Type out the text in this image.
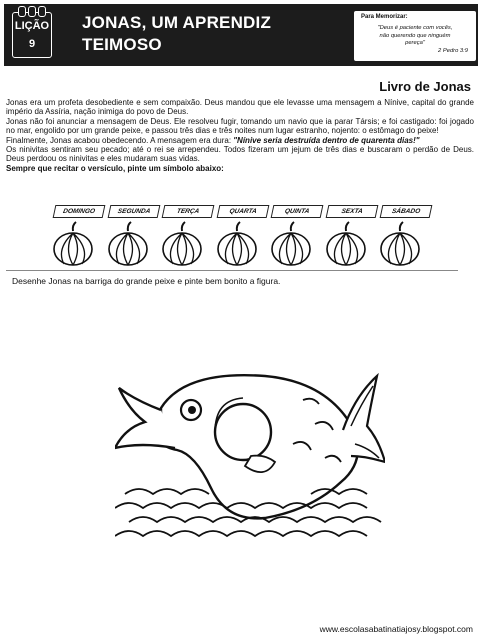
LIÇÃO
9
JONAS, UM APRENDIZ
TEIMOSO
Para Memorizar:
"Deus é paciente com vocês,
não querendo que ninguém
pereça"
2 Pedro 3:9
Livro de Jonas

Jonas era um profeta desobediente e sem compaixão. Deus mandou que ele levasse uma mensagem a Nínive, capital do grande império da Assíria, nação inimiga do povo de Deus.

Jonas não foi anunciar a mensagem de Deus. Ele resolveu fugir, tomando um navio que ia parar Társis; e foi castigado: foi jogado no mar, engolido por um grande peixe, e passou três dias e três noites num lugar estranho, nojento: o estômago do peixe!

Finalmente, Jonas acabou obedecendo. A mensagem era dura: "Nínive seria destruída dentro de quarenta dias!"

Os ninivitas sentiram seu pecado; até o rei se arrependeu. Todos fizeram um jejum de três dias e buscaram o perdão de Deus. Deus perdoou os ninivitas e eles mudaram suas vidas.

Sempre que recitar o versículo, pinte um símbolo abaixo:

DOMINGO	SEGUNDA	TERÇA	QUARTA	QUINTA	SEXTA	SÁBADO
Desenhe Jonas na barriga do grande peixe e pinte bem bonito a figura.
www.escolasabatinatiajosy.blogspot.com
